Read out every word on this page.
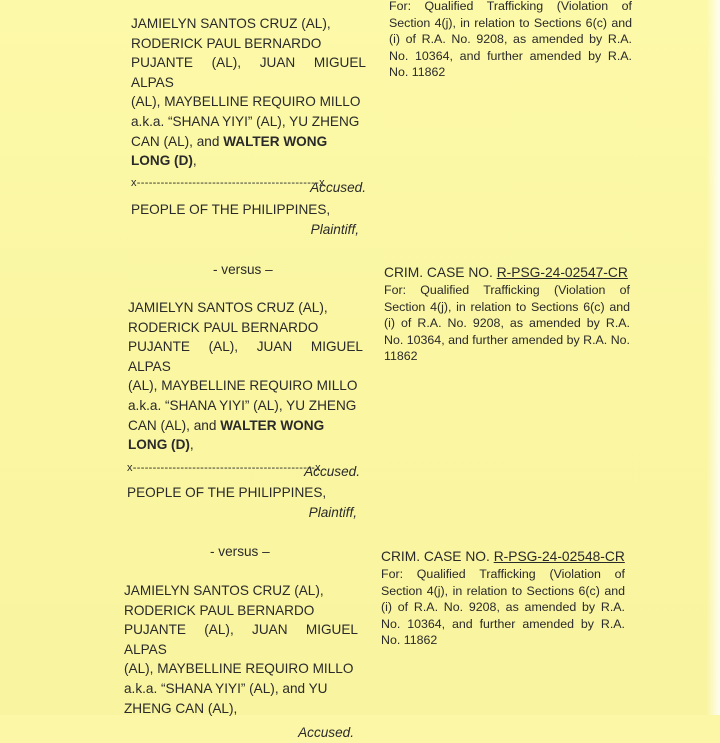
JAMIELYN SANTOS CRUZ (AL),
RODERICK PAUL BERNARDO
PUJANTE (AL), JUAN MIGUEL ALPAS
(AL), MAYBELLINE REQUIRO MILLO
a.k.a. “SHANA YIYI” (AL), YU ZHENG
CAN (AL), and WALTER WONG
LONG (D),
Accused.
For: Qualified Trafficking (Violation of Section 4(j), in relation to Sections 6(c) and (i) of R.A. No. 9208, as amended by R.A. No. 10364, and further amended by R.A. No. 11862
x----------------------------------------------x
PEOPLE OF THE PHILIPPINES,
Plaintiff,
- versus –	CRIM. CASE NO. R-PSG-24-02547-CR
For: Qualified Trafficking (Violation of Section 4(j), in relation to Sections 6(c) and (i) of R.A. No. 9208, as amended by R.A. No. 10364, and further amended by R.A. No. 11862
JAMIELYN SANTOS CRUZ (AL),
RODERICK PAUL BERNARDO
PUJANTE (AL), JUAN MIGUEL ALPAS
(AL), MAYBELLINE REQUIRO MILLO
a.k.a. “SHANA YIYI” (AL), YU ZHENG
CAN (AL), and WALTER WONG
LONG (D),
Accused.
x----------------------------------------------x
PEOPLE OF THE PHILIPPINES,
Plaintiff,
- versus –	CRIM. CASE NO. R-PSG-24-02548-CR
For: Qualified Trafficking (Violation of Section 4(j), in relation to Sections 6(c) and (i) of R.A. No. 9208, as amended by R.A. No. 10364, and further amended by R.A. No. 11862
JAMIELYN SANTOS CRUZ (AL),
RODERICK PAUL BERNARDO
PUJANTE (AL), JUAN MIGUEL ALPAS
(AL), MAYBELLINE REQUIRO MILLO
a.k.a. “SHANA YIYI” (AL), and YU
ZHENG CAN (AL),
Accused.
